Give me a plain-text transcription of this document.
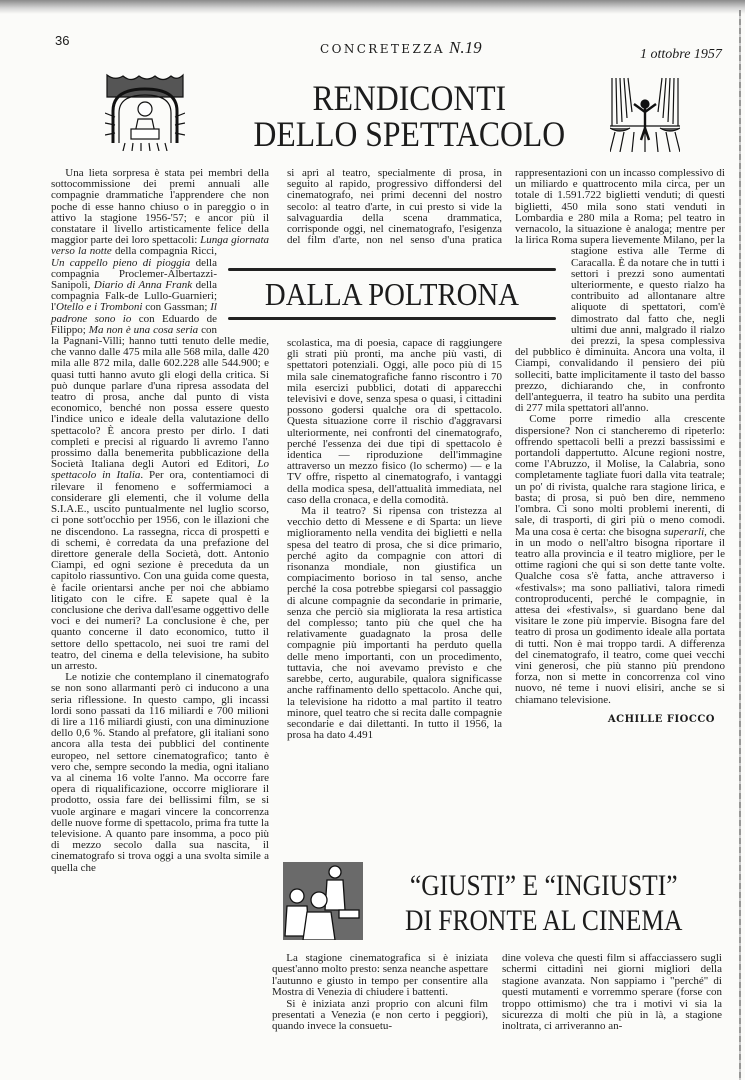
36
CONCRETEZZA N.19	1 ottobre 1957
RENDICONTI
DELLO SPETTACOLO

Una lieta sorpresa è stata pei membri della sottocommissione dei premi annuali alle compagnie drammatiche l'apprendere che non poche di esse hanno chiuso o in pareggio o in attivo la stagione 1956-'57; e ancor più il constatare il livello artisticamente felice della maggior parte dei loro spettacoli: Lunga giornata verso la notte della compagnia Ricci, Un cappello pieno di pioggia della compagnia Proclemer-Albertazzi-Sanipoli, Diario di Anna Frank della compagnia Falk-de Lullo-Guarnieri; l'Otello e i Tromboni con Gassman; Il padrone sono io con Eduardo de Filippo; Ma non è una cosa seria con la Pagnani-Villi; hanno tutti tenuto delle medie, che vanno dalle 475 mila alle 568 mila, dalle 420 mila alle 872 mila, dalle 602.228 alle 544.900; e quasi tutti hanno avuto gli elogi della critica. Si può dunque parlare d'una ripresa assodata del teatro di prosa, anche dal punto di vista economico, benché non possa essere questo l'indice unico e ideale della valutazione dello spettacolo? È ancora presto per dirlo. I dati completi e precisi al riguardo li avremo l'anno prossimo dalla benemerita pubblicazione della Società Italiana degli Autori ed Editori, Lo spettacolo in Italia. Per ora, contentiamoci di rilevare il fenomeno e soffermiamoci a considerare gli elementi, che il volume della S.I.A.E., uscito puntualmente nel luglio scorso, ci pone sott'occhio per 1956, con le illazioni che ne discendono. La rassegna, ricca di prospetti e di schemi, è corredata da una prefazione del direttore generale della Società, dott. Antonio Ciampi, ed ogni sezione è preceduta da un capitolo riassuntivo. Con una guida come questa, è facile orientarsi anche per noi che abbiamo litigato con le cifre. E sapete qual è la conclusione che deriva dall'esame oggettivo delle voci e dei numeri? La conclusione è che, per quanto concerne il dato economico, tutto il settore dello spettacolo, nei suoi tre rami del teatro, del cinema e della televisione, ha subito un arresto.

Le notizie che contemplano il cinematografo se non sono allarmanti però ci inducono a una seria riflessione. In questo campo, gli incassi lordi sono passati da 116 miliardi e 700 milioni di lire a 116 miliardi giusti, con una diminuzione dello 0,6 %. Stando al prefatore, gli italiani sono ancora alla testa dei pubblici del continente europeo, nel settore cinematografico; tanto è vero che, sempre secondo la media, ogni italiano va al cinema 16 volte l'anno. Ma occorre fare opera di riqualificazione, occorre migliorare il prodotto, ossia fare dei bellissimi film, se si vuole arginare e magari vincere la concorrenza delle nuove forme di spettacolo, prima fra tutte la televisione. A quanto pare insomma, a poco più di mezzo secolo dalla sua nascita, il cinematografo si trova oggi a una svolta simile a quella che

si aprì al teatro, specialmente di prosa, in seguito al rapido, progressivo diffondersi del cinematografo, nei primi decenni del nostro secolo: al teatro d'arte, in cui presto si vide la salvaguardia della scena drammatica, corrisponde oggi, nel cinematografo, l'esigenza del film d'arte, non nel senso d'una pratica scolastica, ma di poesia, capace di raggiungere gli strati più pronti, ma anche più vasti, di spettatori potenziali. Oggi, alle poco più di 15 mila sale cinematografiche fanno riscontro i 70 mila esercizi pubblici, dotati di apparecchi televisivi e dove, senza spesa o quasi, i cittadini possono godersi qualche ora di spettacolo. Questa situazione corre il rischio d'aggravarsi ulteriormente, nei confronti del cinematografo, perché l'essenza dei due tipi di spettacolo è identica — riproduzione dell'immagine attraverso un mezzo fisico (lo schermo) — e la TV offre, rispetto al cinematografo, i vantaggi della modica spesa, dell'attualità immediata, nel caso della cronaca, e della comodità.

Ma il teatro? Si ripensa con tristezza al vecchio detto di Messene e di Sparta: un lieve miglioramento nella vendita dei biglietti e nella spesa del teatro di prosa, che si dice primario, perché agito da compagnie con attori di risonanza mondiale, non giustifica un compiacimento borioso in tal senso, anche perché la cosa potrebbe spiegarsi col passaggio di alcune compagnie da secondarie in primarie, senza che perciò sia migliorata la resa artistica del complesso; tanto più che quel che ha relativamente guadagnato la prosa delle compagnie più importanti ha perduto quella delle meno importanti, con un procedimento, tuttavia, che noi avevamo previsto e che sarebbe, certo, augurabile, qualora significasse anche raffinamento dello spettacolo. Anche qui, la televisione ha ridotto a mal partito il teatro minore, quel teatro che si recita dalle compagnie secondarie e dai dilettanti. In tutto il 1956, la prosa ha dato 4.491

rappresentazioni con un incasso complessivo di un miliardo e quattrocento mila circa, per un totale di 1.591.722 biglietti venduti; di questi biglietti, 450 mila sono stati venduti in Lombardia e 280 mila a Roma; pel teatro in vernacolo, la situazione è analoga; mentre per la lirica Roma supera lievemente Milano, per la stagione estiva alle Terme di Caracalla. È da notare che in tutti i settori i prezzi sono aumentati ulteriormente, e questo rialzo ha contribuito ad allontanare altre aliquote di spettatori, com'è dimostrato dal fatto che, negli ultimi due anni, malgrado il rialzo dei prezzi, la spesa complessiva del pubblico è diminuita. Ancora una volta, il Ciampi, convalidando il pensiero dei più solleciti, batte implicitamente il tasto del basso prezzo, dichiarando che, in confronto dell'anteguerra, il teatro ha subito una perdita di 277 mila spettatori all'anno.

Come porre rimedio alla crescente dispersione? Non ci stancheremo di ripeterlo: offrendo spettacoli belli a prezzi bassissimi e portandoli dappertutto. Alcune regioni nostre, come l'Abruzzo, il Molise, la Calabria, sono completamente tagliate fuori dalla vita teatrale; un po' di rivista, qualche rara stagione lirica, e basta; di prosa, si può ben dire, nemmeno l'ombra. Ci sono molti problemi inerenti, di sale, di trasporti, di giri più o meno comodi. Ma una cosa è certa: che bisogna superarli, che in un modo o nell'altro bisogna riportare il teatro alla provincia e il teatro migliore, per le ottime ragioni che qui si son dette tante volte. Qualche cosa s'è fatta, anche attraverso i «festivals»; ma sono palliativi, talora rimedi controproducenti, perché le compagnie, in attesa dei «festivals», si guardano bene dal visitare le zone più impervie. Bisogna fare del teatro di prosa un godimento ideale alla portata di tutti. Non è mai troppo tardi. A differenza del cinematografo, il teatro, come quei vecchi vini generosi, che più stanno più prendono forza, non si mette in concorrenza col vino nuovo, né teme i nuovi elisiri, anche se si chiamano televisione.

ACHILLE FIOCCO
DALLA POLTRONA
“GIUSTI” E “INGIUSTI”
DI FRONTE AL CINEMA

La stagione cinematografica si è iniziata quest'anno molto presto: senza neanche aspettare l'autunno e giusto in tempo per consentire alla Mostra di Venezia di chiudere i battenti.

Si è iniziata anzi proprio con alcuni film presentati a Venezia (e non certo i peggiori), quando invece la consuetu-

dine voleva che questi film si affacciassero sugli schermi cittadini nei giorni migliori della stagione avanzata. Non sappiamo i "perché" di questi mutamenti e vorremmo sperare (forse con troppo ottimismo) che tra i motivi vi sia la sicurezza di molti che più in là, a stagione inoltrata, ci arriveranno an-
